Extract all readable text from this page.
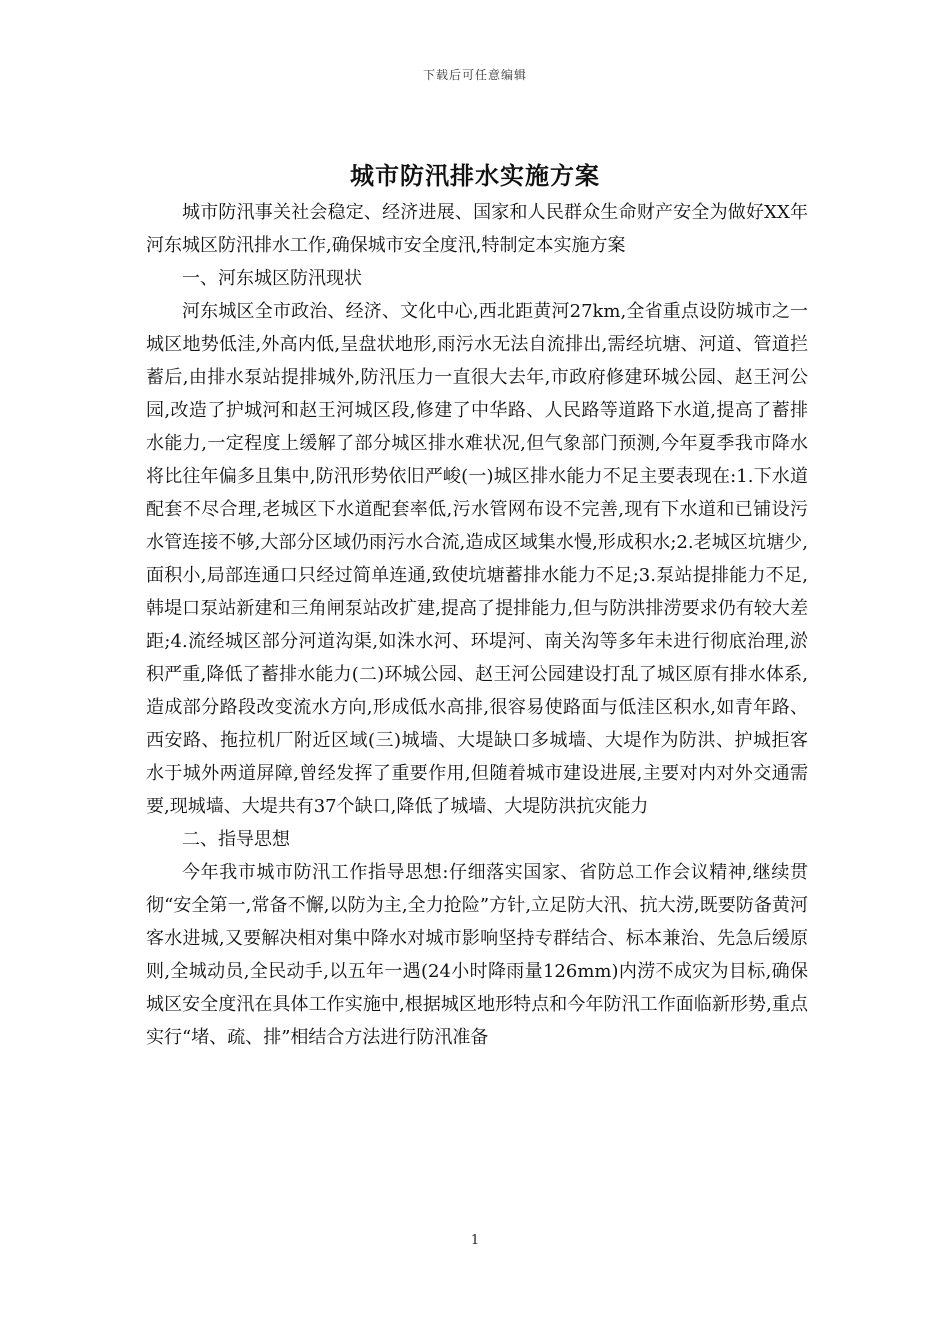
下载后可任意编辑
城市防汛排水实施方案

城市防汛事关社会稳定、经济进展、国家和人民群众生命财产安全为做好XX年河东城区防汛排水工作,确保城市安全度汛,特制定本实施方案

一、河东城区防汛现状

河东城区全市政治、经济、文化中心,西北距黄河27km,全省重点设防城市之一城区地势低洼,外高内低,呈盘状地形,雨污水无法自流排出,需经坑塘、河道、管道拦蓄后,由排水泵站提排城外,防汛压力一直很大去年,市政府修建环城公园、赵王河公园,改造了护城河和赵王河城区段,修建了中华路、人民路等道路下水道,提高了蓄排水能力,一定程度上缓解了部分城区排水难状况,但气象部门预测,今年夏季我市降水将比往年偏多且集中,防汛形势依旧严峻(一)城区排水能力不足主要表现在:1.下水道配套不尽合理,老城区下水道配套率低,污水管网布设不完善,现有下水道和已铺设污水管连接不够,大部分区域仍雨污水合流,造成区域集水慢,形成积水;2.老城区坑塘少,面积小,局部连通口只经过简单连通,致使坑塘蓄排水能力不足;3.泵站提排能力不足,韩堤口泵站新建和三角闸泵站改扩建,提高了提排能力,但与防洪排涝要求仍有较大差距;4.流经城区部分河道沟渠,如洙水河、环堤河、南关沟等多年未进行彻底治理,淤积严重,降低了蓄排水能力(二)环城公园、赵王河公园建设打乱了城区原有排水体系,造成部分路段改变流水方向,形成低水高排,很容易使路面与低洼区积水,如青年路、西安路、拖拉机厂附近区域(三)城墙、大堤缺口多城墙、大堤作为防洪、护城拒客水于城外两道屏障,曾经发挥了重要作用,但随着城市建设进展,主要对内对外交通需要,现城墙、大堤共有37个缺口,降低了城墙、大堤防洪抗灾能力

二、指导思想

今年我市城市防汛工作指导思想:仔细落实国家、省防总工作会议精神,继续贯彻“安全第一,常备不懈,以防为主,全力抢险”方针,立足防大汛、抗大涝,既要防备黄河客水进城,又要解决相对集中降水对城市影响坚持专群结合、标本兼治、先急后缓原则,全城动员,全民动手,以五年一遇(24小时降雨量126mm)内涝不成灾为目标,确保城区安全度汛在具体工作实施中,根据城区地形特点和今年防汛工作面临新形势,重点实行“堵、疏、排”相结合方法进行防汛准备

1
